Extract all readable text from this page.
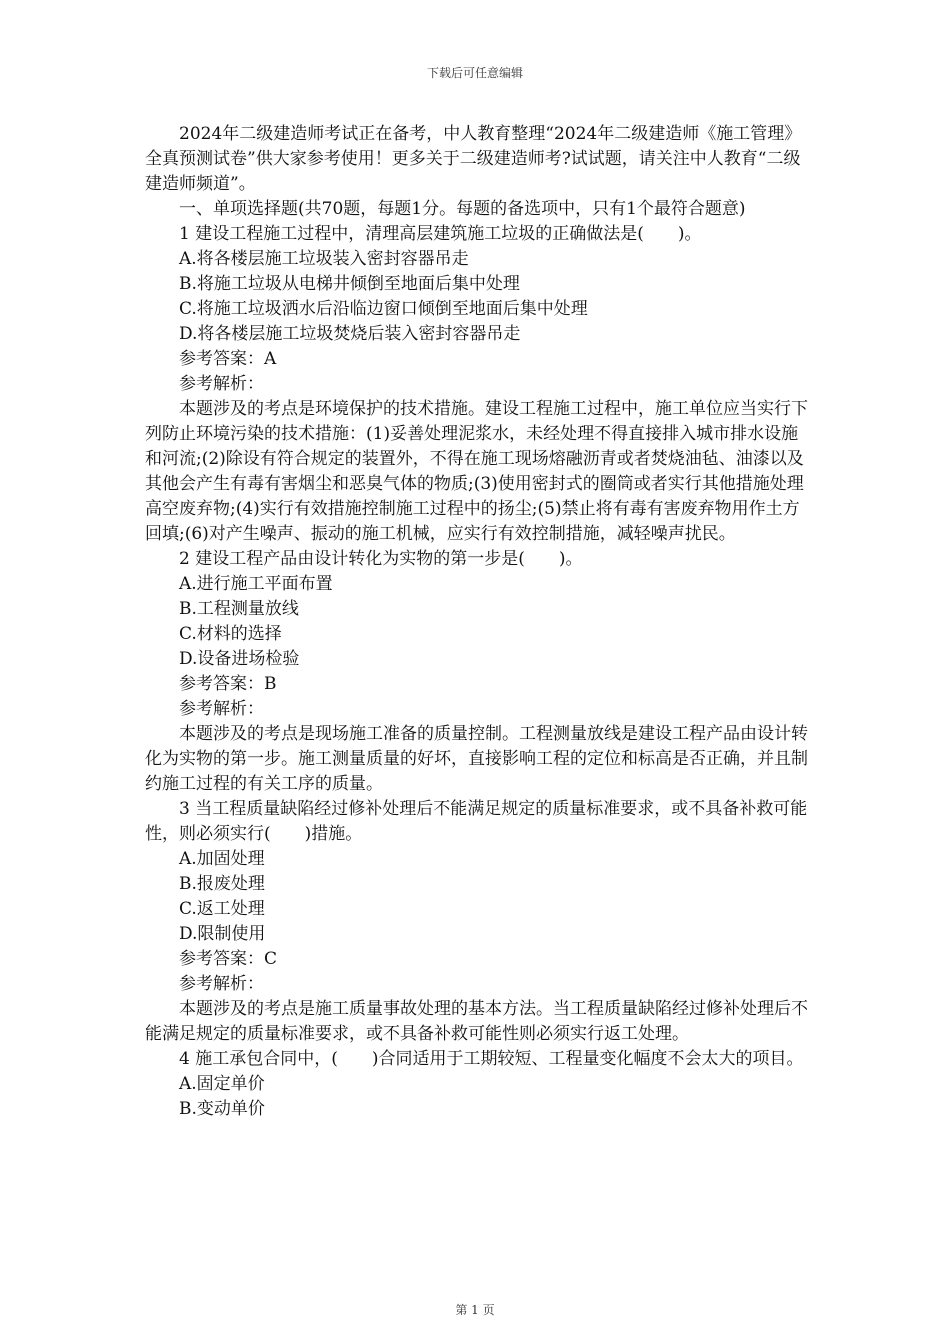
下载后可任意编辑

2024年二级建造师考试正在备考，中人教育整理“2024年二级建造师《施工管理》全真预测试卷”供大家参考使用！更多关于二级建造师考?试试题，请关注中人教育“二级建造师频道”。

一、单项选择题(共70题，每题1分。每题的备选项中，只有1个最符合题意)

1 建设工程施工过程中，清理高层建筑施工垃圾的正确做法是(　　)。

A.将各楼层施工垃圾装入密封容器吊走

B.将施工垃圾从电梯井倾倒至地面后集中处理

C.将施工垃圾洒水后沿临边窗口倾倒至地面后集中处理

D.将各楼层施工垃圾焚烧后装入密封容器吊走

参考答案：A

参考解析：

本题涉及的考点是环境保护的技术措施。建设工程施工过程中，施工单位应当实行下列防止环境污染的技术措施：(1)妥善处理泥浆水，未经处理不得直接排入城市排水设施和河流;(2)除设有符合规定的装置外，不得在施工现场熔融沥青或者焚烧油毡、油漆以及其他会产生有毒有害烟尘和恶臭气体的物质;(3)使用密封式的圈筒或者实行其他措施处理高空废弃物;(4)实行有效措施控制施工过程中的扬尘;(5)禁止将有毒有害废弃物用作土方回填;(6)对产生噪声、振动的施工机械，应实行有效控制措施，减轻噪声扰民。

2 建设工程产品由设计转化为实物的第一步是(　　)。

A.进行施工平面布置

B.工程测量放线

C.材料的选择

D.设备进场检验

参考答案：B

参考解析：

本题涉及的考点是现场施工准备的质量控制。工程测量放线是建设工程产品由设计转化为实物的第一步。施工测量质量的好坏，直接影响工程的定位和标高是否正确，并且制约施工过程的有关工序的质量。

3 当工程质量缺陷经过修补处理后不能满足规定的质量标准要求，或不具备补救可能性，则必须实行(　　)措施。

A.加固处理

B.报废处理

C.返工处理

D.限制使用

参考答案：C

参考解析：

本题涉及的考点是施工质量事故处理的基本方法。当工程质量缺陷经过修补处理后不能满足规定的质量标准要求，或不具备补救可能性则必须实行返工处理。

4 施工承包合同中，(　　)合同适用于工期较短、工程量变化幅度不会太大的项目。

A.固定单价

B.变动单价

第 1 页
